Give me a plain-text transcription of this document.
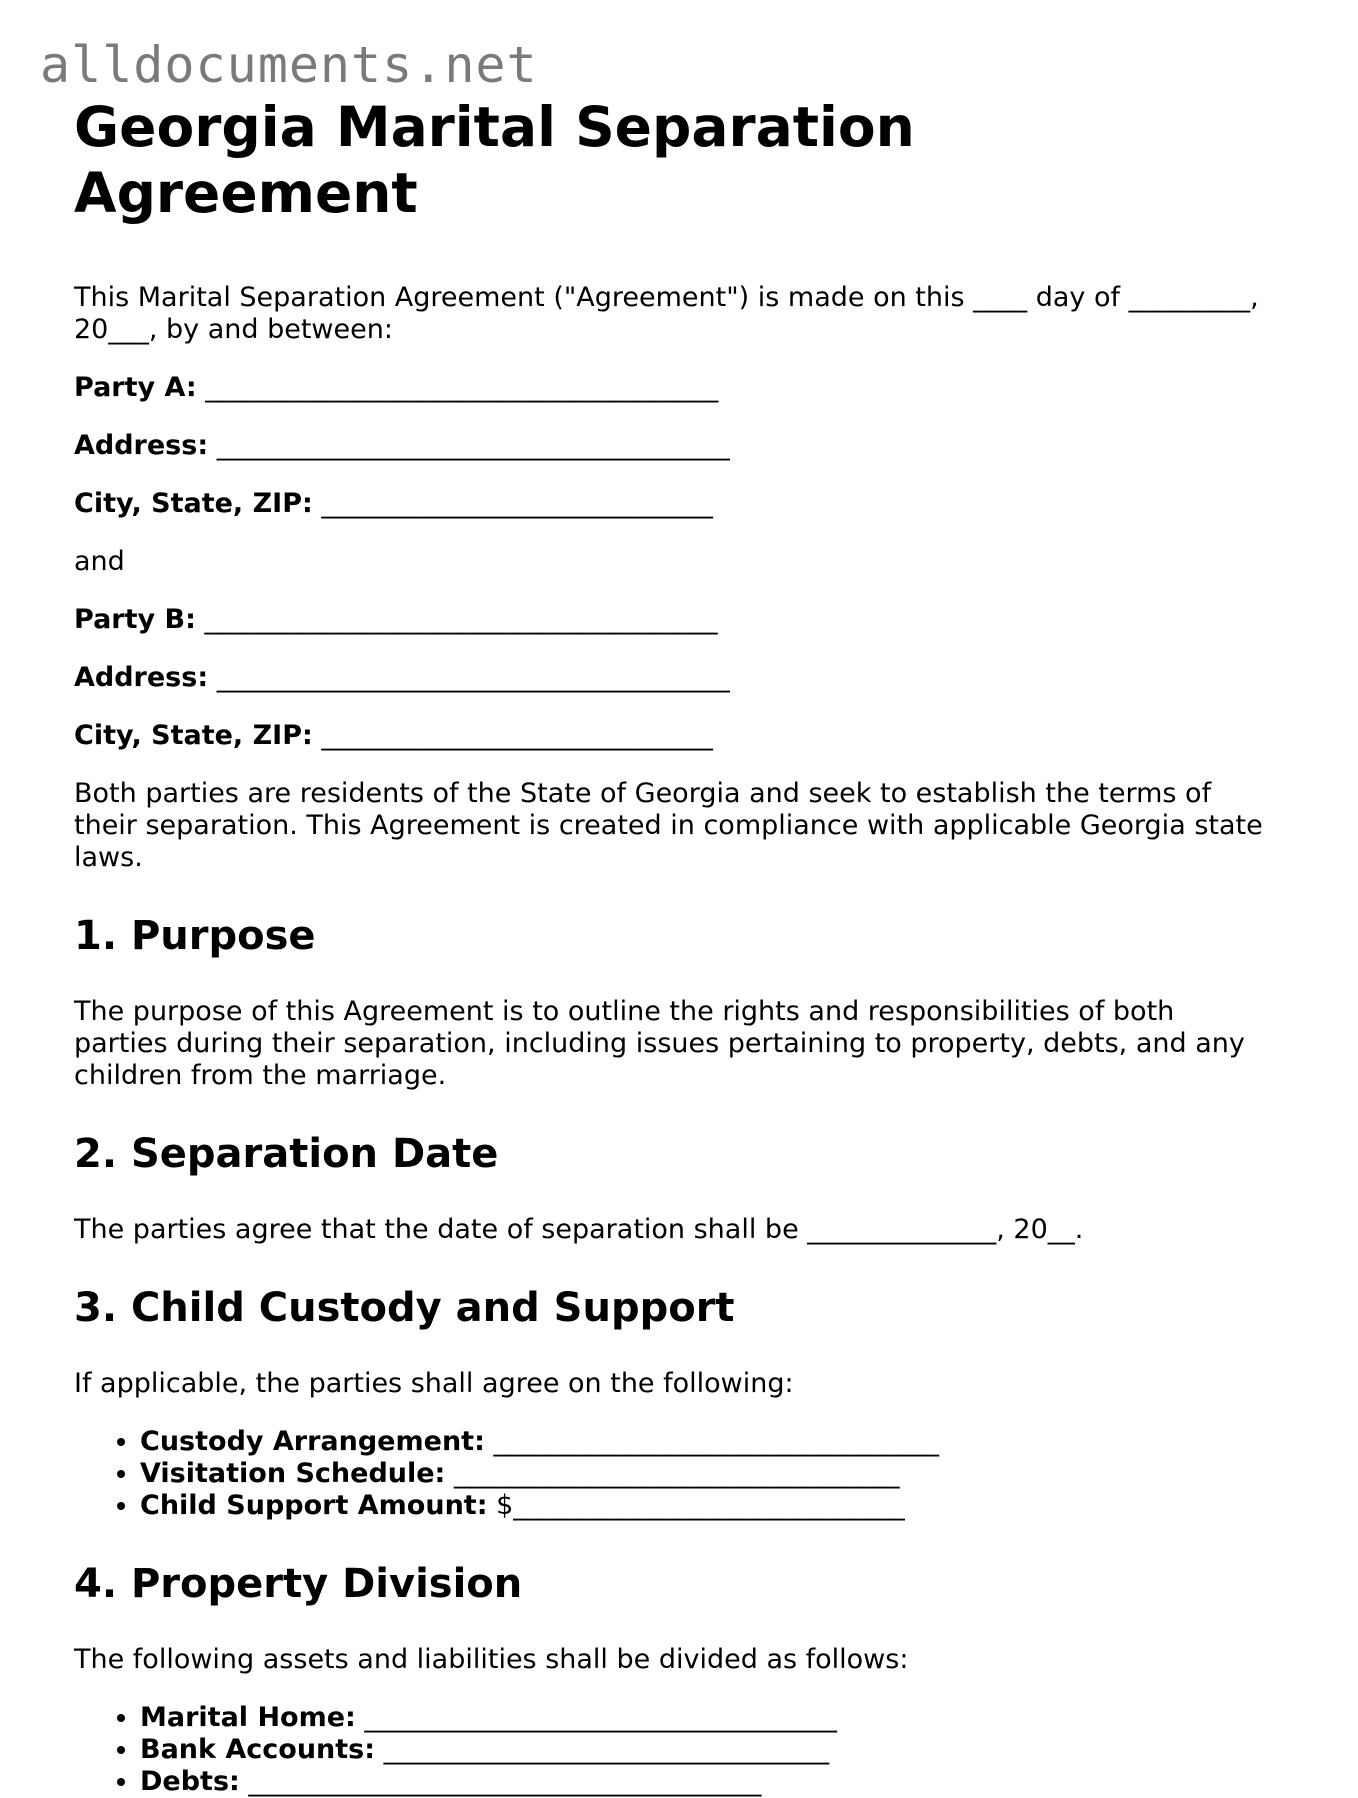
alldocuments.net
Georgia Marital Separation Agreement

This Marital Separation Agreement ("Agreement") is made on this ____ day of _________, 20___, by and between:

Party A: ______________________________________
Address: ______________________________________
City, State, ZIP: _____________________________

and

Party B: ______________________________________
Address: ______________________________________
City, State, ZIP: _____________________________

Both parties are residents of the State of Georgia and seek to establish the terms of their separation. This Agreement is created in compliance with applicable Georgia state laws.

1. Purpose

The purpose of this Agreement is to outline the rights and responsibilities of both parties during their separation, including issues pertaining to property, debts, and any children from the marriage.

2. Separation Date

The parties agree that the date of separation shall be ______________, 20__.

3. Child Custody and Support

If applicable, the parties shall agree on the following:

• Custody Arrangement: _________________________________
• Visitation Schedule: _________________________________
• Child Support Amount: $_____________________________
4. Property Division

The following assets and liabilities shall be divided as follows:

• Marital Home: ___________________________________
• Bank Accounts: _________________________________
• Debts: ______________________________________
